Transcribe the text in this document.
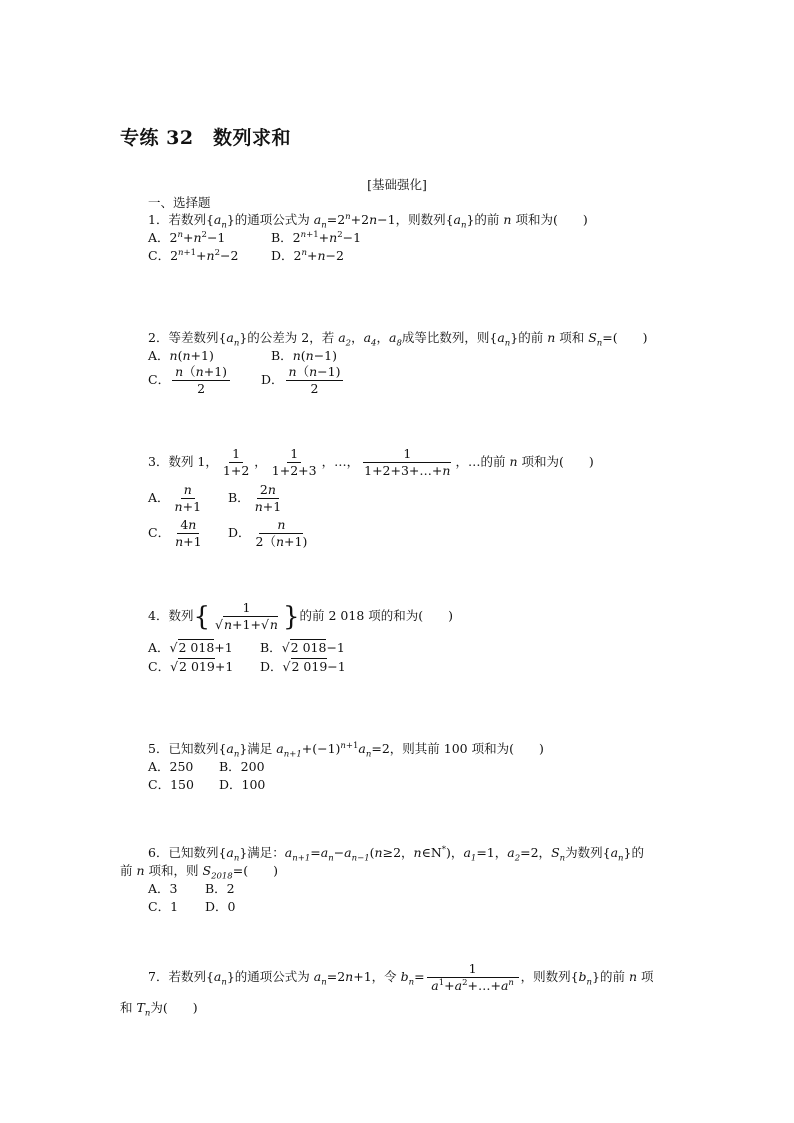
专练 32　数列求和
[基础强化]
一、选择题
1．若数列$\{a_n\}$的通项公式为 $a_n=2^n+2n-1$，则数列$\{a_n\}$的前 n 项和为(　　)
A．$2^n+n^2-1$	B．$2^{n+1}+n^2-1$
C．$2^{n+1}+n^2-2$	D．$2^n+n-2$
2．等差数列$\{a_n\}$的公差为 2，若 $a_2$，$a_4$，$a_8$成等比数列，则$\{a_n\}$的前 n 项和 $S_n=$(　　)
A．n(n+1)	B．n(n−1)
C． $\frac{n(n+1)}{2}$ D． $\frac{n(n-1)}{2}$
3．数列 1， $\frac{1}{1+2}$ ， $\frac{1}{1+2+3}$ ，…， $\frac{1}{1+2+3+\dots+n}$ ，…的前 n 项和为(　　)
A． $\frac{n}{n+1}$ B． $\frac{2n}{n+1}$
C． $\frac{4n}{n+1}$ D． $\frac{n}{2(n+1)}$
4．数列{ $\frac{1}{√n+1+√n}$ }的前 2 018 项的和为(　　)
A．√2 018+1 B．√2 018−1
C．√2 019+1 D．√2 019−1
5．已知数列$\{a_n\}$满足 $a_{n+1}+(-1)^{n+1}a_n=2$，则其前 100 项和为(　　)
A．250 B．200
C．150 D．100
6．已知数列$\{a_n\}$满足：$a_{n+1}=a_n-a_{n-1}(n\ge 2$，n∈N*)，$a_1=1$，$a_2=2$，$S_n$为数列$\{a_n\}$的
前 n 项和，则 $S_{2018}=$(　　)
A．3 B．2
C．1 D．0
7．若数列$\{a_n\}$的通项公式为 $a_n=2n+1$，令 $b_n= \frac{1}{a^1+a^2+\dots+a^n}$ ，则数列$\{b_n\}$的前 n 项
和 $T_n$为(　　)
